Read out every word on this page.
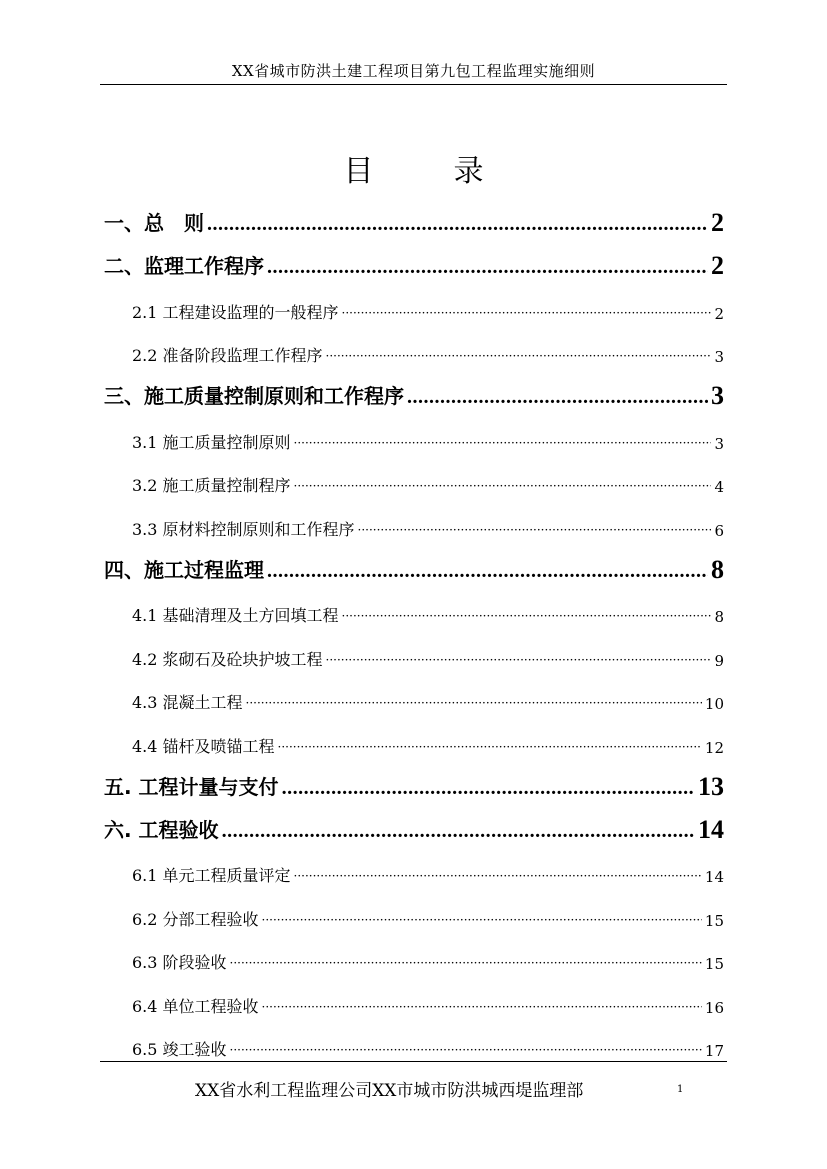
XX省城市防洪土建工程项目第九包工程监理实施细则
目	录
一、总　则 .....	2
二、监理工作程序 .....	2
2.1 工程建设监理的一般程序 ·····	2
2.2 准备阶段监理工作程序 ·····	3
三、施工质量控制原则和工作程序 .....	3
3.1 施工质量控制原则 ·····	3
3.2 施工质量控制程序 ·····	4
3.3 原材料控制原则和工作程序 ·····	6
四、施工过程监理 .....	8
4.1 基础清理及土方回填工程 ·····	8
4.2 浆砌石及砼块护坡工程 ·····	9
4.3 混凝土工程 ·····	10
4.4 锚杆及喷锚工程 ·····	12
五. 工程计量与支付 .....	13
六. 工程验收 .....	14
6.1 单元工程质量评定 ·····	14
6.2 分部工程验收 ·····	15
6.3 阶段验收 ·····	15
6.4 单位工程验收 ·····	16
6.5 竣工验收 ·····	17
XX省水利工程监理公司XX市城市防洪城西堤监理部	1
